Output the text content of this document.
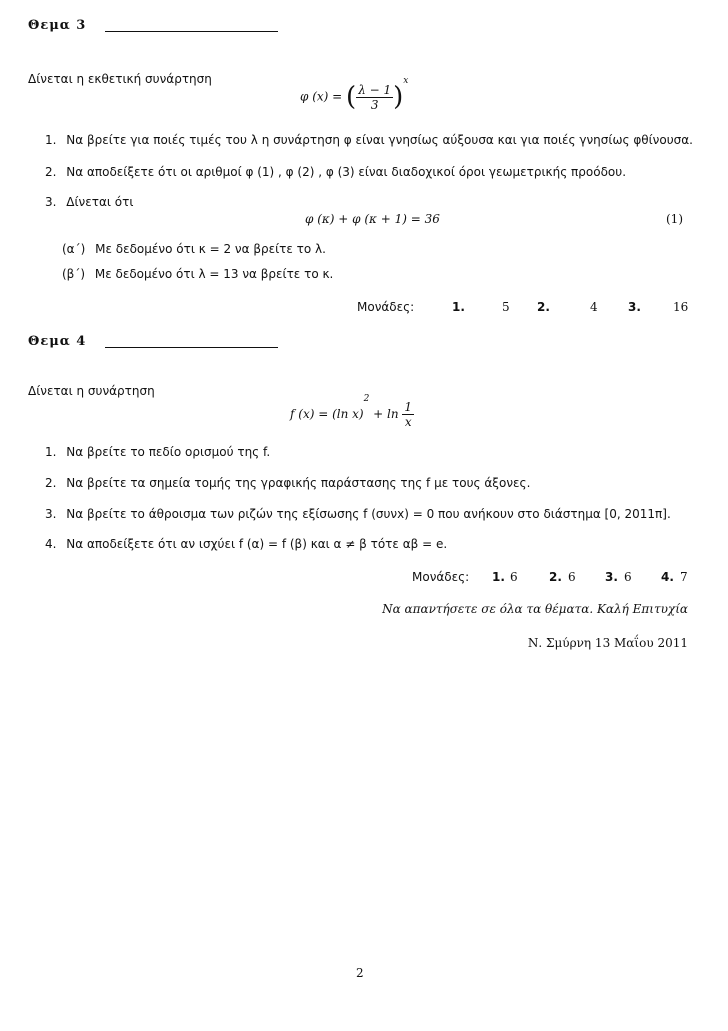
Θεμα 3
Δίνεται η εκθετική συνάρτηση
φ (x) = ( $\frac{\lambda - 1}{3} )^x$
1. Να βρείτε για ποιές τιμές του λ η συνάρτηση φ είναι γνησίως αύξουσα και για ποιές γνησίως φθίνουσα.
2. Να αποδείξετε ότι οι αριθμοί φ (1) , φ (2) , φ (3) είναι διαδοχικοί όροι γεωμετρικής προόδου.
3. Δίνεται ότι
φ (κ) + φ (κ + 1) = 36	(1)
(α΄) Με δεδομένο ότι κ = 2 να βρείτε το λ.
(β΄) Με δεδομένο ότι λ = 13 να βρείτε το κ.
Μονάδες:	1.	5 2.	4	3.	16
Θεμα 4
Δίνεται η συνάρτηση
f (x) = (ln $x)^2 + \ln \frac{1}{x}$
1. Να βρείτε το πεδίο ορισμού της f.
2. Να βρείτε τα σημεία τομής της γραφικής παράστασης της f με τους άξονες.
3. Να βρείτε το άθροισμα των ριζών της εξίσωσης f (συνx) = 0 που ανήκουν στο διάστημα [0, 2011π].
4. Να αποδείξετε ότι αν ισχύει f (α) = f (β) και α ≠ β τότε αβ = e.
Μονάδες: 1. 6	2. 6 3. 6 4. 7
Να απαντήσετε σε όλα τα θέματα. Καλή Επιτυχία
Ν. Σμύρνη 13 Μαΐου 2011
2
